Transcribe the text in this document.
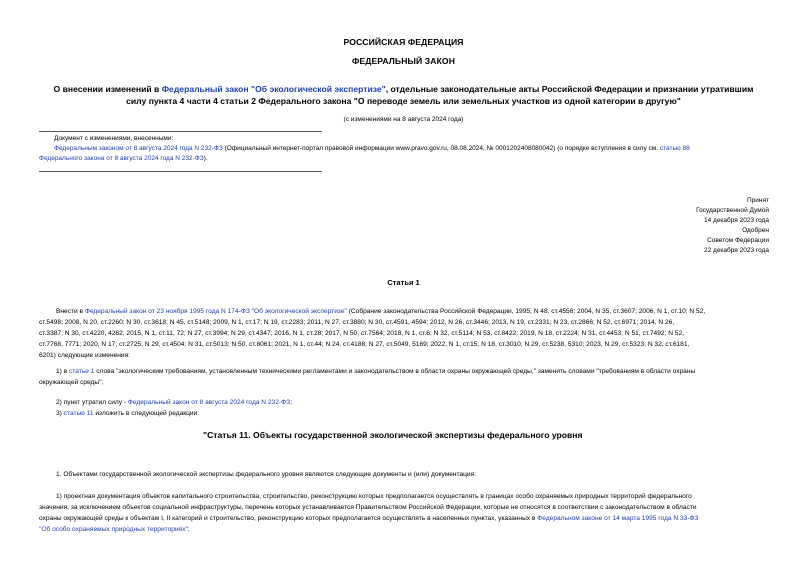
РОССИЙСКАЯ ФЕДЕРАЦИЯ
ФЕДЕРАЛЬНЫЙ ЗАКОН
О внесении изменений в Федеральный закон "Об экологической экспертизе", отдельные законодательные акты Российской Федерации и признании утратившим
силу пункта 4 части 4 статьи 2 Федерального закона "О переводе земель или земельных участков из одной категории в другую"
(с изменениями на 8 августа 2024 года)
Документ с изменениями, внесенными:
Федеральным законом от 8 августа 2024 года N 232-ФЗ (Официальный интернет-портал правовой информации www.pravo.gov.ru, 08.08.2024, № 0001202408080042) (о порядке вступления в силу см. статью 88
Федерального закона от 8 августа 2024 года N 232-ФЗ).
Принят
Государственной Думой
14 декабря 2023 года
Одобрен
Советом Федерации
22 декабря 2023 года
Статья 1
Внести в Федеральный закон от 23 ноября 1995 года N 174-ФЗ "Об экологической экспертизе" (Собрание законодательства Российской Федерации, 1995, N 48, ст.4556; 2004, N 35, ст.3607; 2006, N 1, ст.10; N 52,
ст.5498; 2008, N 20, ст.2260; N 30, ст.3618; N 45, ст.5148; 2009, N 1, ст.17; N 19, ст.2283; 2011, N 27, ст.3880; N 30, ст.4591, 4594; 2012, N 26, ст.3446; 2013, N 19, ст.2331; N 23, ст.2866; N 52, ст.6971; 2014, N 26,
ст.3387; N 30, ст.4220, 4262; 2015, N 1, ст.11, 72; N 27, ст.3994; N 29, ст.4347; 2016, N 1, ст.28; 2017, N 50, ст.7564; 2018, N 1, ст.6; N 32, ст.5114; N 53, ст.8422; 2019, N 18, ст.2224; N 31, ст.4453; N 51, ст.7492; N 52,
ст.7768, 7771; 2020, N 17, ст.2725; N 29, ст.4504; N 31, ст.5013; N 50, ст.8061; 2021, N 1, ст.44; N 24, ст.4188; N 27, ст.5049, 5169; 2022, N 1, ст.15; N 18, ст.3010; N 29, ст.5238, 5310; 2023, N 29, ст.5323; N 32, ст.6181,
6201) следующие изменения:
1) в статье 1 слова "экологическим требованиям, установленным техническими регламентами и законодательством в области охраны окружающей среды," заменить словами "требованиям в области охраны
окружающей среды";
2) пункт утратил силу - Федеральный закон от 8 августа 2024 года N 232-ФЗ;
3) статью 11 изложить в следующей редакции:
"Статья 11. Объекты государственной экологической экспертизы федерального уровня
1. Объектами государственной экологической экспертизы федерального уровня являются следующие документы и (или) документация:
1) проектная документация объектов капитального строительства, строительство, реконструкцию которых предполагается осуществлять в границах особо охраняемых природных территорий федерального
значения, за исключением объектов социальной инфраструктуры, перечень которых устанавливается Правительством Российской Федерации, которые не относятся в соответствии с законодательством в области
охраны окружающей среды к объектам I, II категорий и строительство, реконструкцию которых предполагается осуществлять в населенных пунктах, указанных в Федеральном законе от 14 марта 1995 года N 33-ФЗ
"Об особо охраняемых природных территориях";
